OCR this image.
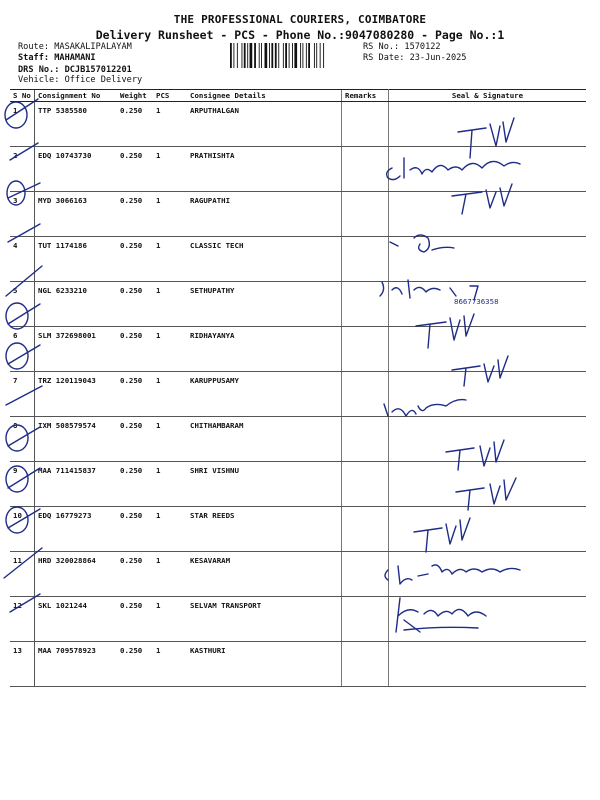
THE PROFESSIONAL COURIERS, COIMBATORE
Delivery Runsheet - PCS - Phone No.:9047080280 - Page No.:1
Route: MASAKALIPALAYAM
Staff: MAHAMANI
DRS No.: DCJB157012201
Vehicle: Office Delivery
RS No.: 1570122
RS Date: 23-Jun-2025
S No	Consignment No	Weight	PCS	Consignee Details	Remarks	Seal & Signature
1	TTP 5385580	0.250	1	ARPUTHALGAN		
2	EDQ 10743730	0.250	1	PRATHISHTA		
3	MYD 3066163	0.250	1	RAGUPATHI		
4	TUT 1174186	0.250	1	CLASSIC TECH		
5	NGL 6233210	0.250	1	SETHUPATHY		
6	SLM 372698001	0.250	1	RIDHAYANYA		
7	TRZ 120119043	0.250	1	KARUPPUSAMY		
8	IXM 508579574	0.250	1	CHITHAMBARAM		
9	MAA 711415837	0.250	1	SHRI VISHNU		
10	EDQ 16779273	0.250	1	STAR REEDS		
11	HRD 320028864	0.250	1	KESAVARAM		
12	SKL 1021244	0.250	1	SELVAM TRANSPORT		
13	MAA 709578923	0.250	1	KASTHURI		
8667736358
